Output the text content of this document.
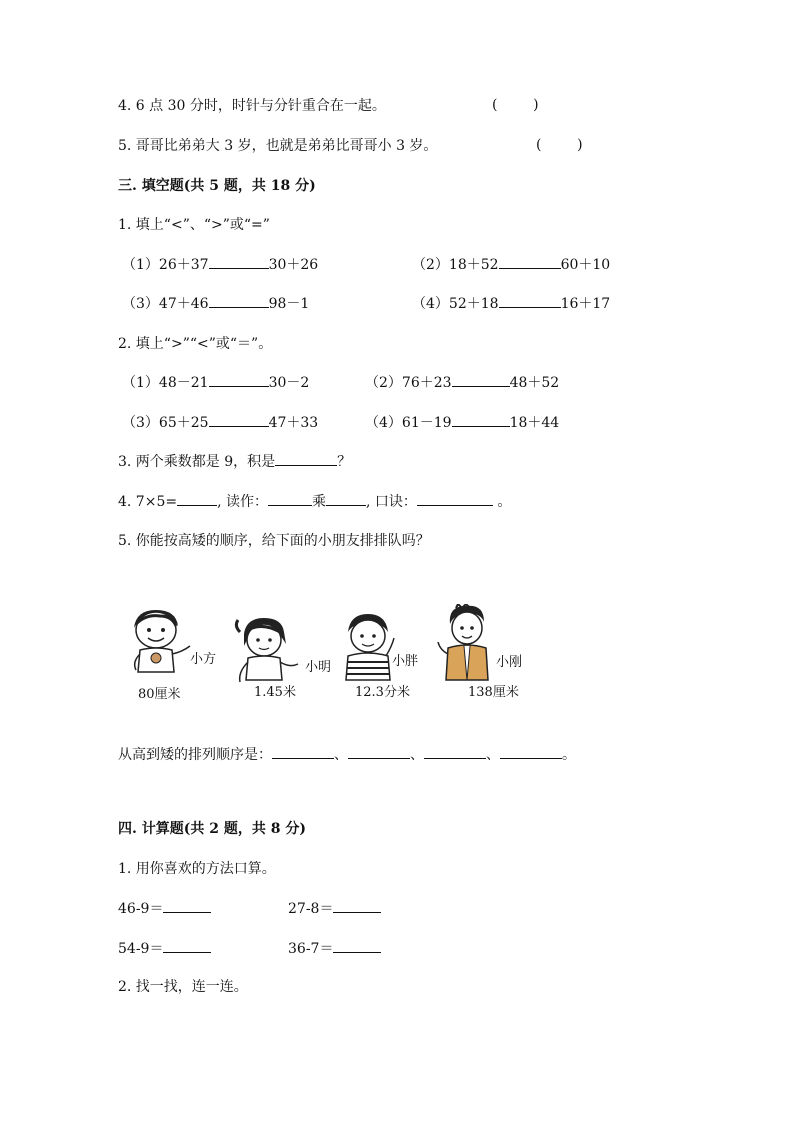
4. 6 点 30 分时，时针与分针重合在一起。	(        )
5. 哥哥比弟弟大 3 岁，也就是弟弟比哥哥小 3 岁。	(        )
三. 填空题(共 5 题，共 18 分)
1. 填上“<”、“>”或“=”
（1）26＋37	30＋26	（2）18＋52	60＋10
（3）47＋46	98－1	（4）52＋18	16＋17
2. 填上“>”“<”或“＝”。
（1）48－21	30－2	（2）76＋23	48＋52
（3）65＋25	47＋33	（4）61－19	18＋44
3. 两个乘数都是 9，积是	？
4. 7×5=	, 读作：	乘	, 口诀：	。
5. 你能按高矮的顺序，给下面的小朋友排排队吗？
小方
80厘米
小明
1.45米
小胖
12.3分米
小刚
138厘米
从高到矮的排列顺序是：	、	、	、	。
四. 计算题(共 2 题，共 8 分)
1. 用你喜欢的方法口算。
46-9＝	27-8＝
54-9＝	36-7＝
2. 找一找，连一连。
